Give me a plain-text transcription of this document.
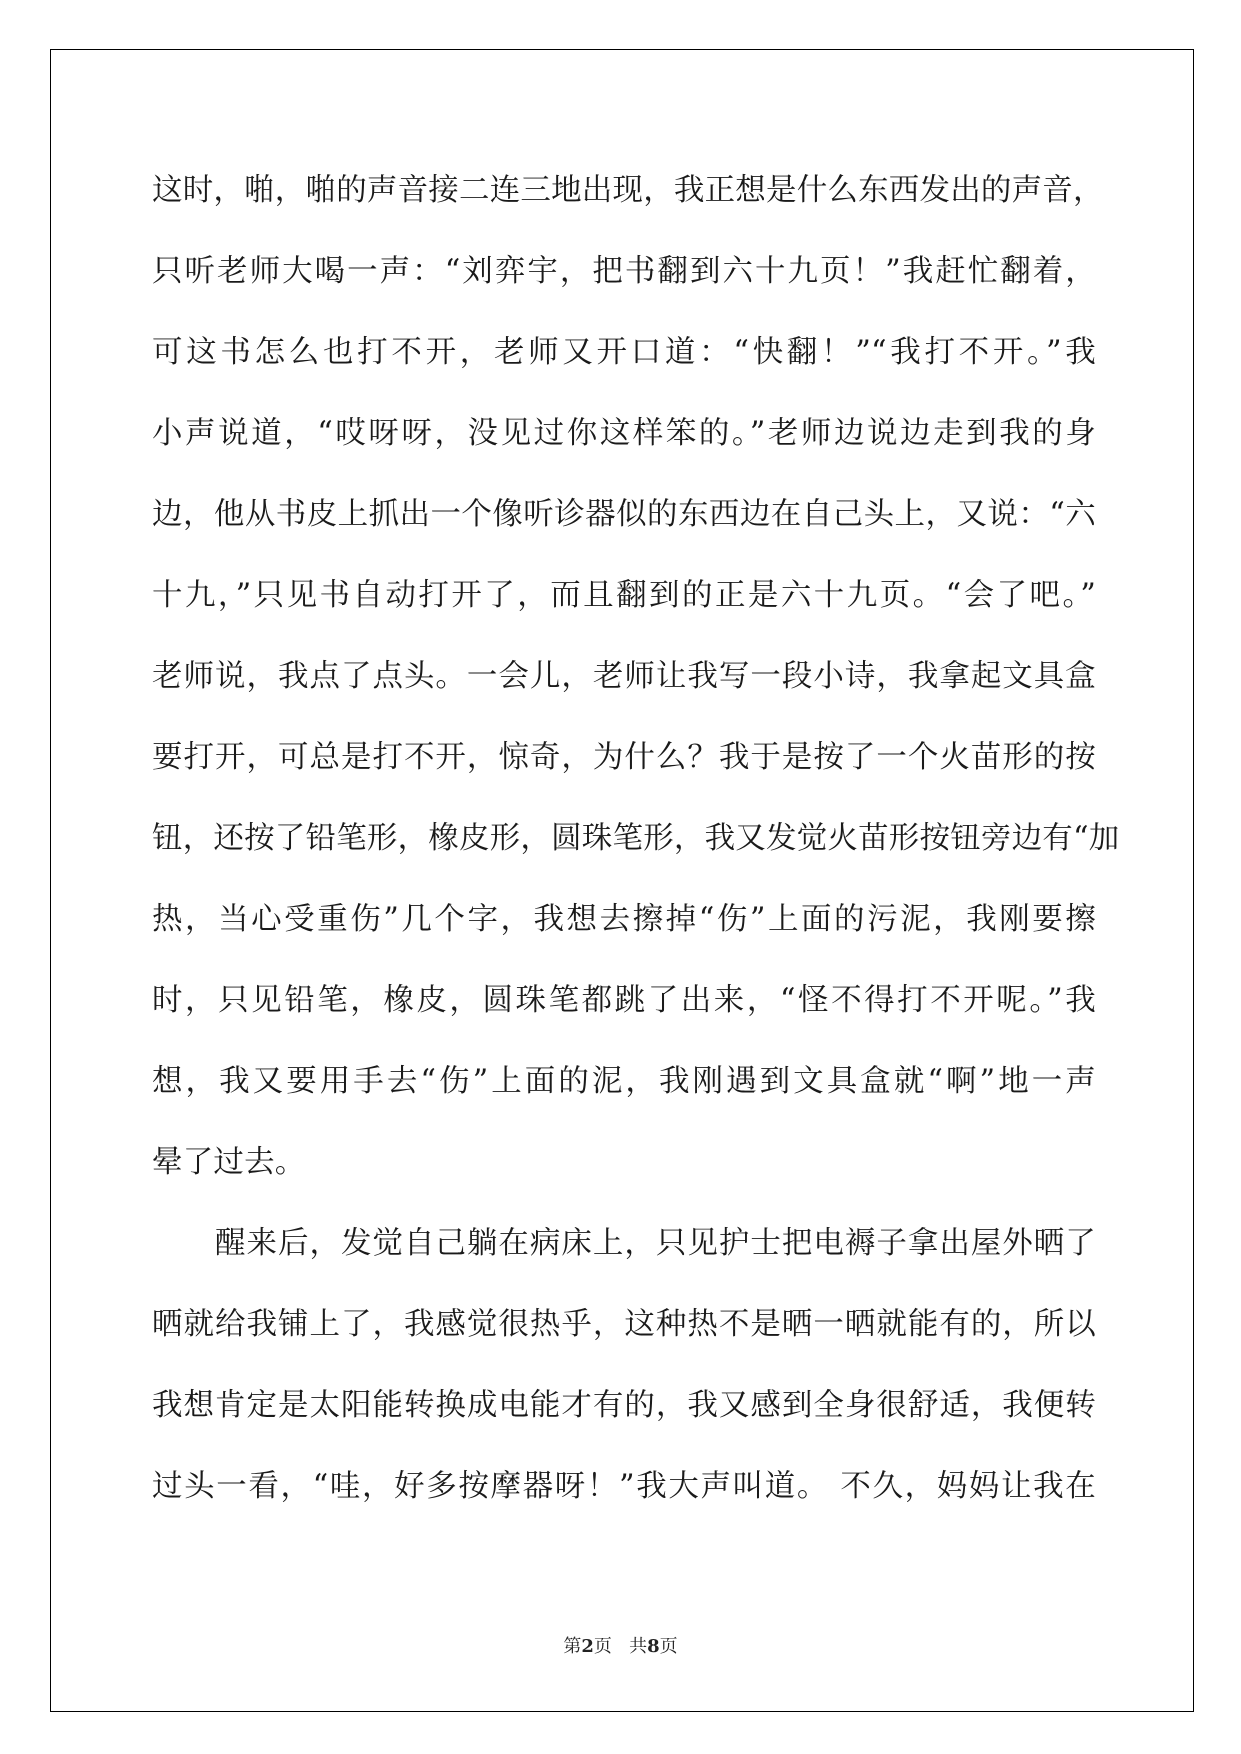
这时，啪，啪的声音接二连三地出现，我正想是什么东西发出的声音，
只听老师大喝一声：“刘弈宇，把书翻到六十九页！”我赶忙翻着，
可这书怎么也打不开，老师又开口道：“快翻！”“我打不开。”我
小声说道，“哎呀呀，没见过你这样笨的。”老师边说边走到我的身
边，他从书皮上抓出一个像听诊器似的东西边在自己头上，又说：“六
十九，”只见书自动打开了，而且翻到的正是六十九页。“会了吧。”
老师说，我点了点头。一会儿，老师让我写一段小诗，我拿起文具盒
要打开，可总是打不开，惊奇，为什么？我于是按了一个火苗形的按
钮，还按了铅笔形，橡皮形，圆珠笔形，我又发觉火苗形按钮旁边有“加
热，当心受重伤”几个字，我想去擦掉“伤”上面的污泥，我刚要擦
时，只见铅笔，橡皮，圆珠笔都跳了出来，“怪不得打不开呢。”我
想，我又要用手去“伤”上面的泥，我刚遇到文具盒就“啊”地一声
晕了过去。
醒来后，发觉自己躺在病床上，只见护士把电褥子拿出屋外晒了
晒就给我铺上了，我感觉很热乎，这种热不是晒一晒就能有的，所以
我想肯定是太阳能转换成电能才有的，我又感到全身很舒适，我便转
过头一看，“哇，好多按摩器呀！”我大声叫道。 不久，妈妈让我在
第2页 共8页
